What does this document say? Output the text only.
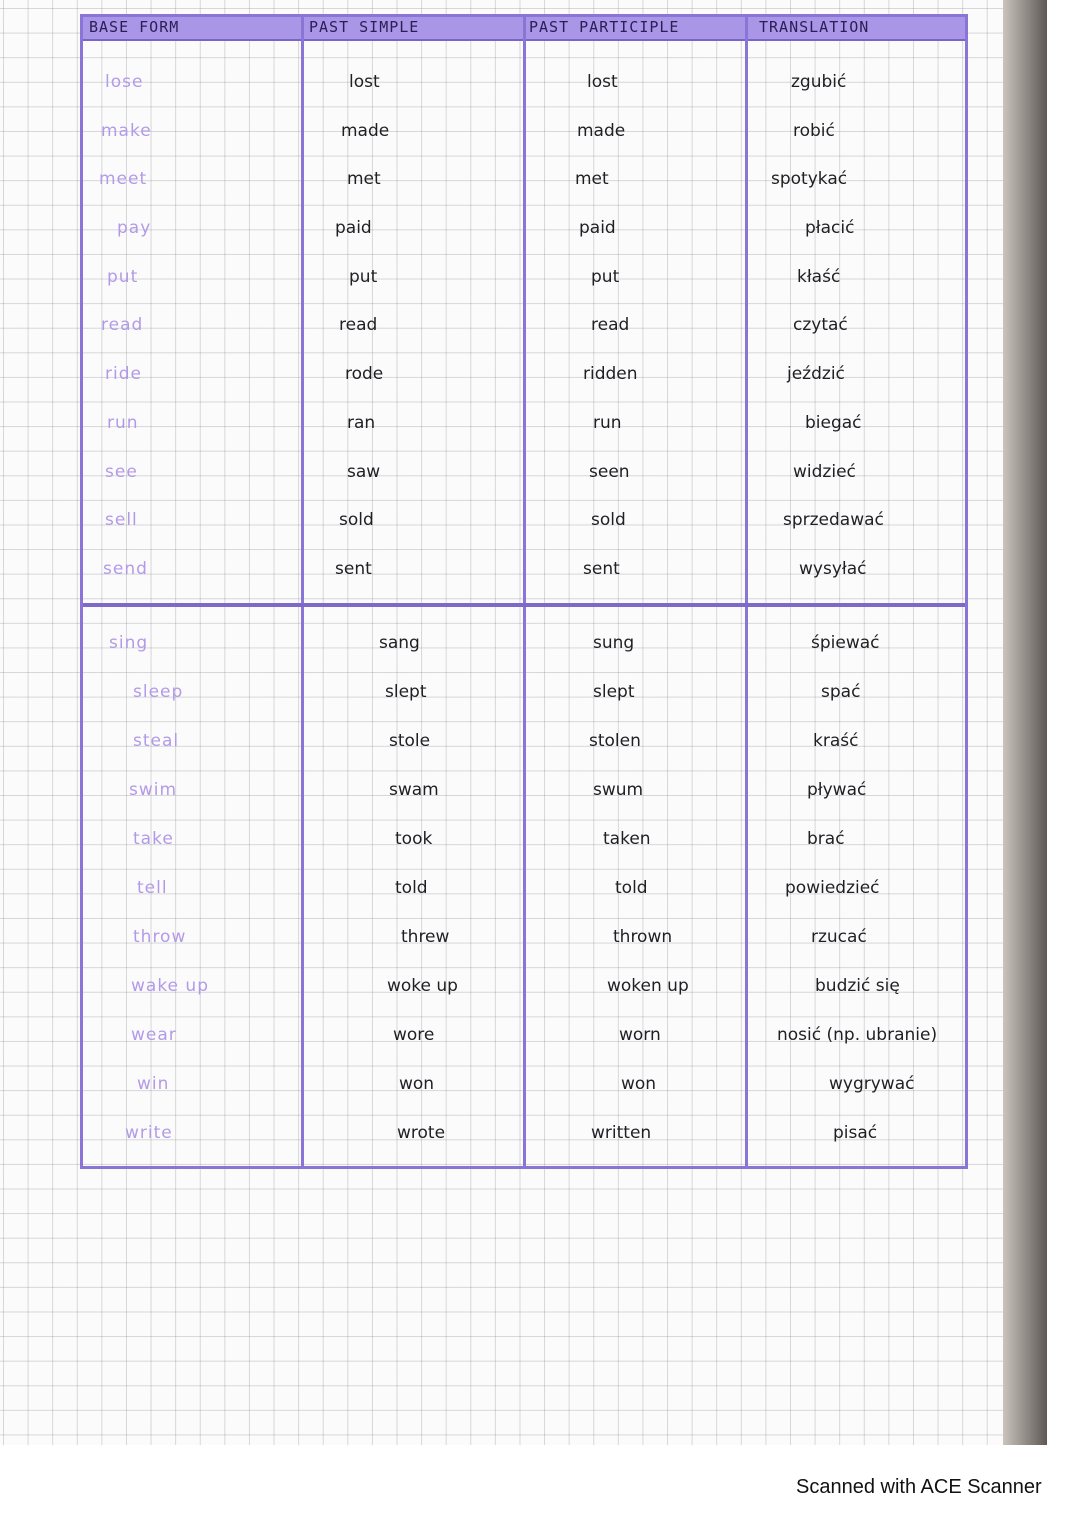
BASE FORM	PAST SIMPLE	PAST PARTICIPLE	TRANSLATION
lose	lost	lost	zgubić
make	made	made	robić
meet	met	met	spotykać
pay	paid	paid	płacić
put	put	put	kłaść
read	read	read	czytać
ride	rode	ridden	jeździć
run	ran	run	biegać
see	saw	seen	widzieć
sell	sold	sold	sprzedawać
send	sent	sent	wysyłać
sing	sang	sung	śpiewać
sleep	slept	slept	spać
steal	stole	stolen	kraść
swim	swam	swum	pływać
take	took	taken	brać
tell	told	told	powiedzieć
throw	threw	thrown	rzucać
wake up	woke up	woken up	budzić się
wear	wore	worn	nosić (np. ubranie)
win	won	won	wygrywać
write	wrote	written	pisać
Scanned with ACE Scanner
